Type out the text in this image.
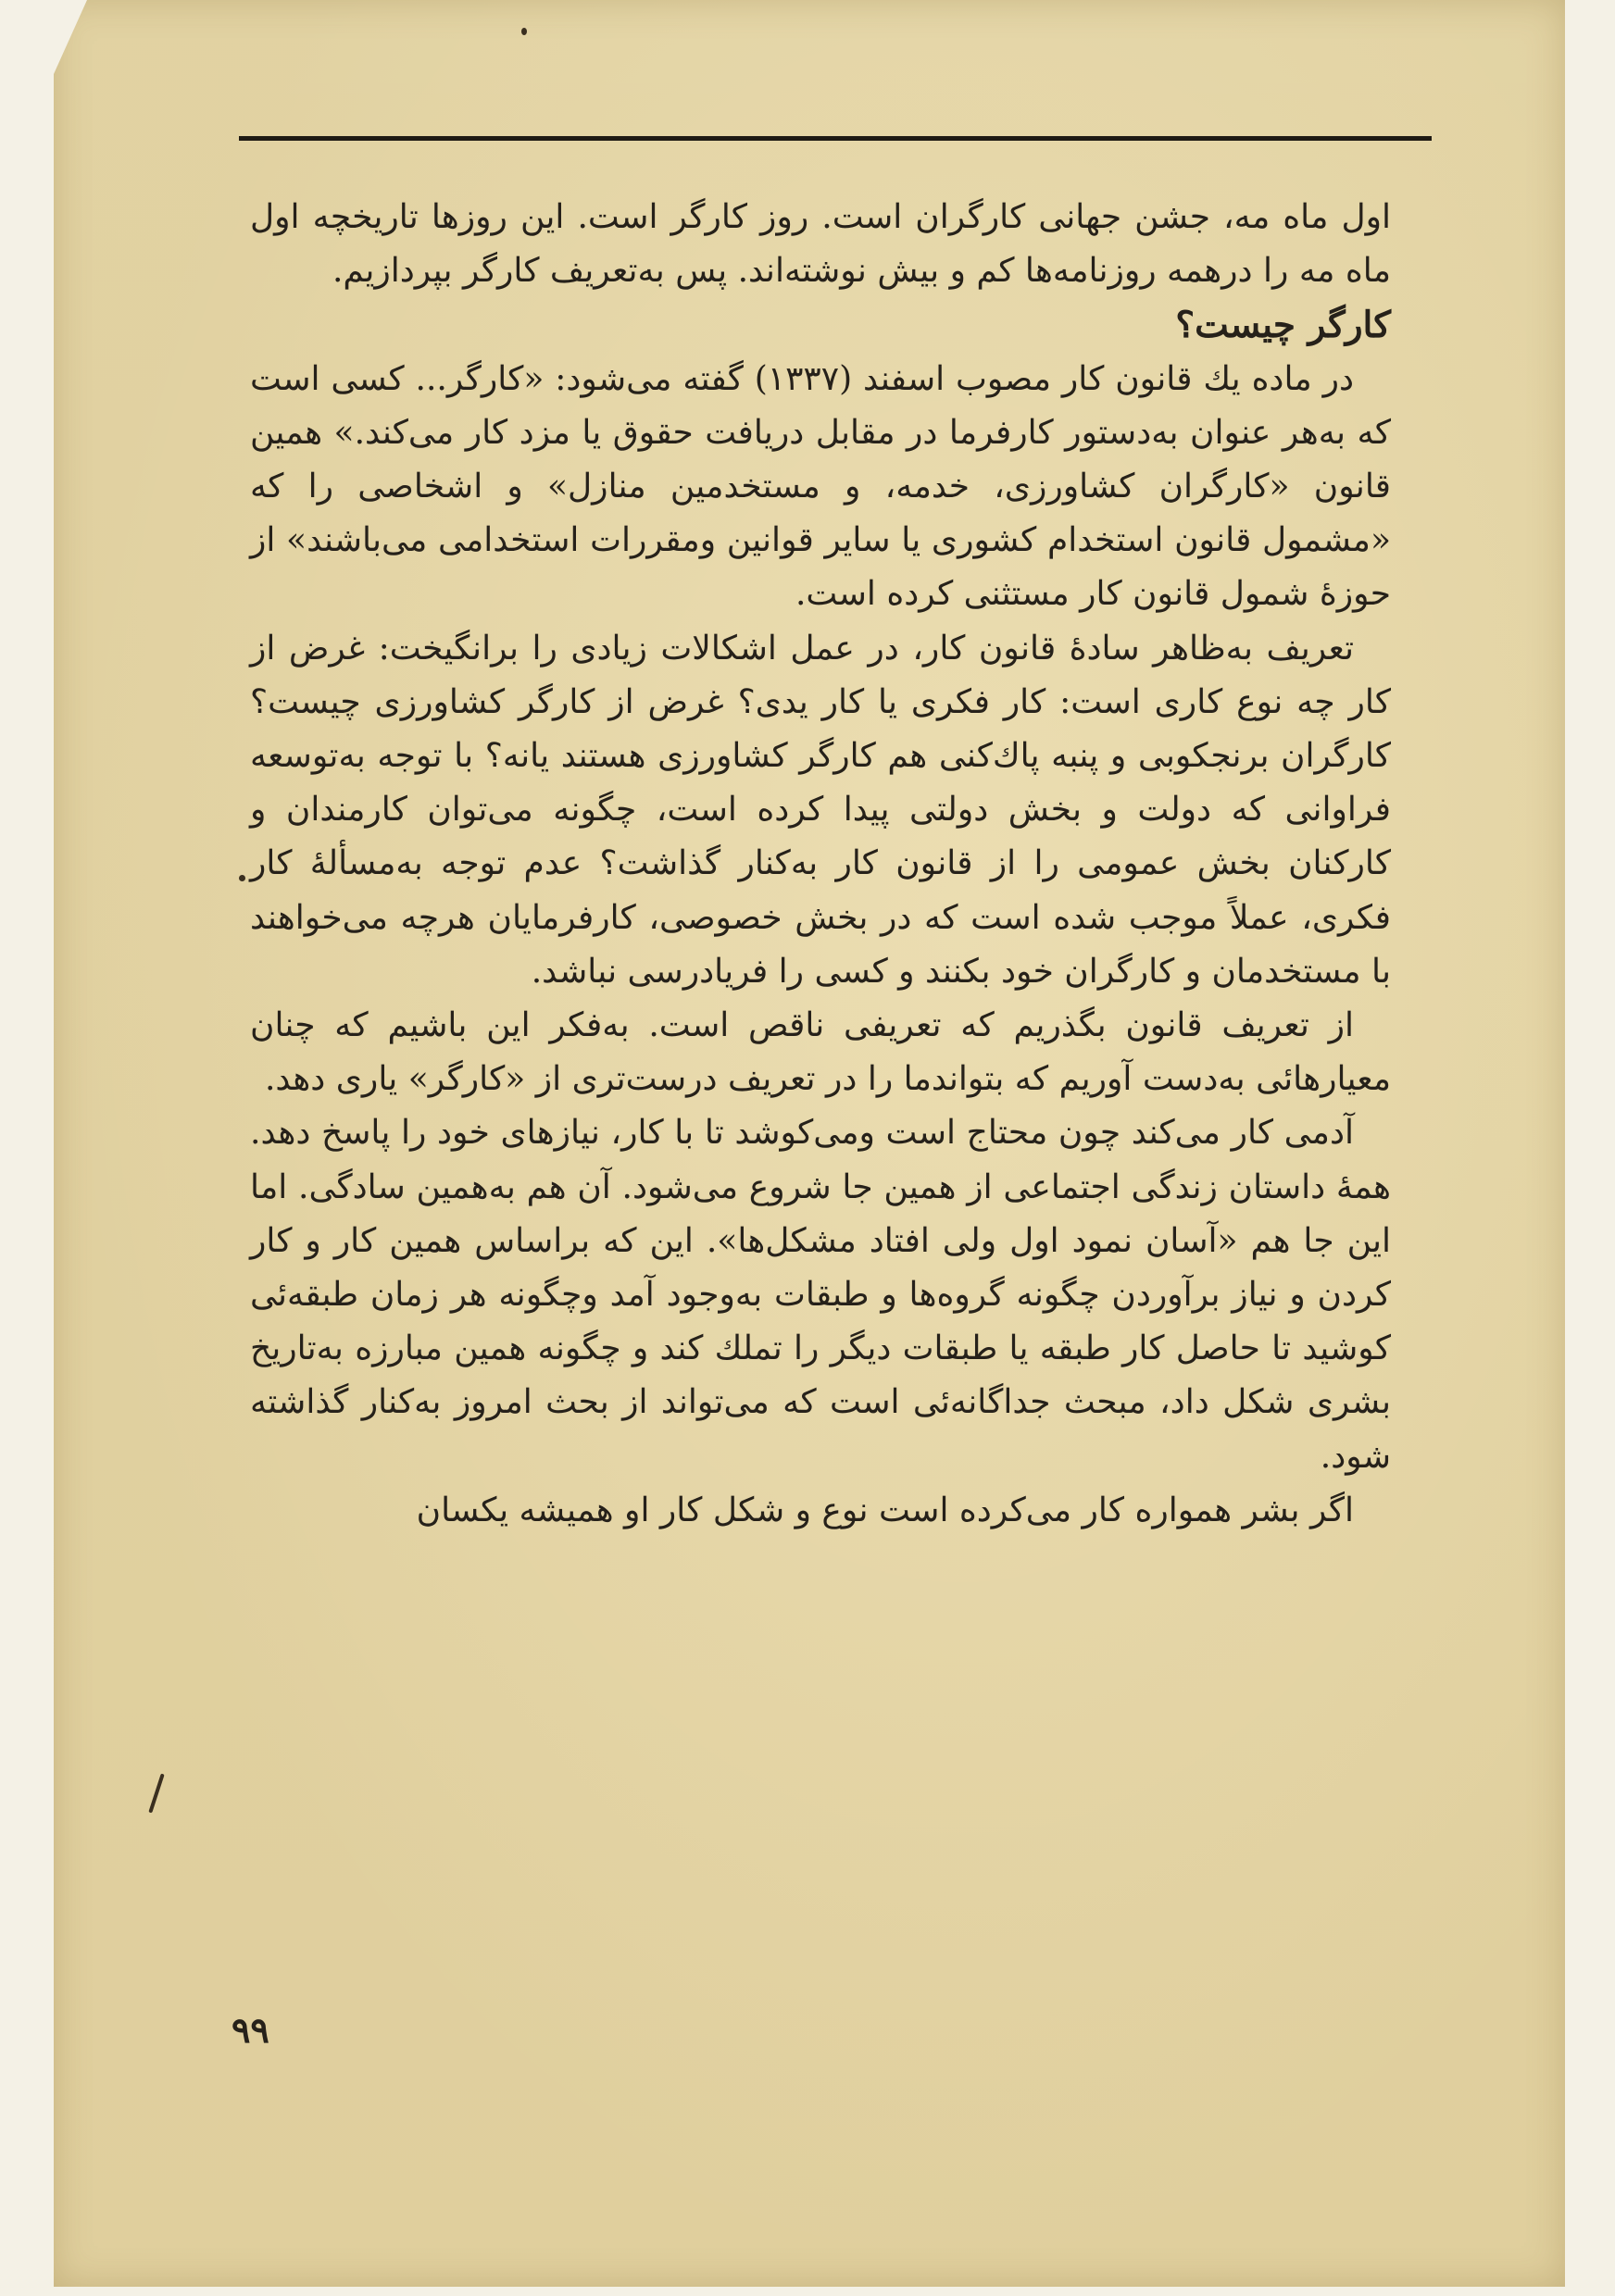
اول ماه مه، جشن جهانی کارگران است. روز کارگر است. این روزها تاریخچه اول ماه مه را درهمه روزنامه‌ها کم و بیش نوشته‌اند. پس به‌تعریف کارگر بپردازیم.

کارگر چیست؟

در ماده یك قانون کار مصوب اسفند (۱۳۳۷) گفته می‌شود: «کارگر... کسی است که به‌هر عنوان به‌دستور کارفرما در مقابل دریافت حقوق یا مزد کار می‌کند.» همین قانون «کارگران کشاورزی، خدمه، و مستخدمین منازل» و اشخاصی را که «مشمول قانون استخدام کشوری یا سایر قوانین ومقررات استخدامی می‌باشند» از حوزهٔ شمول قانون کار مستثنی کرده است.

تعریف به‌ظاهر سادهٔ قانون کار، در عمل اشکالات زیادی را برانگیخت: غرض از کار چه نوع کاری است: کار فکری یا کار یدی؟ غرض از کارگر کشاورزی چیست؟ کارگران برنجکوبی و پنبه پاك‌کنی هم کارگر کشاورزی هستند یانه؟ با توجه به‌توسعه فراوانی که دولت و بخش دولتی پیدا کرده است، چگونه می‌توان کارمندان و کارکنان بخش عمومی را از قانون کار به‌کنار گذاشت؟ عدم توجه به‌مسألهٔ کار فکری، عملاً موجب شده است که در بخش خصوصی، کارفرمایان هرچه می‌خواهند با مستخدمان و کارگران خود بکنند و کسی را فریادرسی نباشد.

از تعریف قانون بگذریم که تعریفی ناقص است. به‌فکر این باشیم که چنان معیارهائی به‌دست آوریم که بتواندما را در تعریف درست‌تری از «کارگر» یاری دهد.

آدمی کار می‌کند چون محتاج است ومی‌کوشد تا با کار، نیازهای خود را پاسخ دهد. همهٔ داستان زندگی اجتماعی از همین جا شروع می‌شود. آن هم به‌همین سادگی. اما این جا هم «آسان نمود اول ولی افتاد مشکل‌ها». این که براساس همین کار و کار کردن و نیاز برآوردن چگونه گروه‌ها و طبقات به‌وجود آمد وچگونه هر زمان طبقه‌ئی کوشید تا حاصل کار طبقه یا طبقات دیگر را تملك کند و چگونه همین مبارزه به‌تاریخ بشری شکل داد، مبحث جداگانه‌ئی است که می‌تواند از بحث امروز به‌کنار گذاشته شود.

اگر بشر همواره کار می‌کرده است نوع و شکل کار او همیشه یکسان

۹۹
